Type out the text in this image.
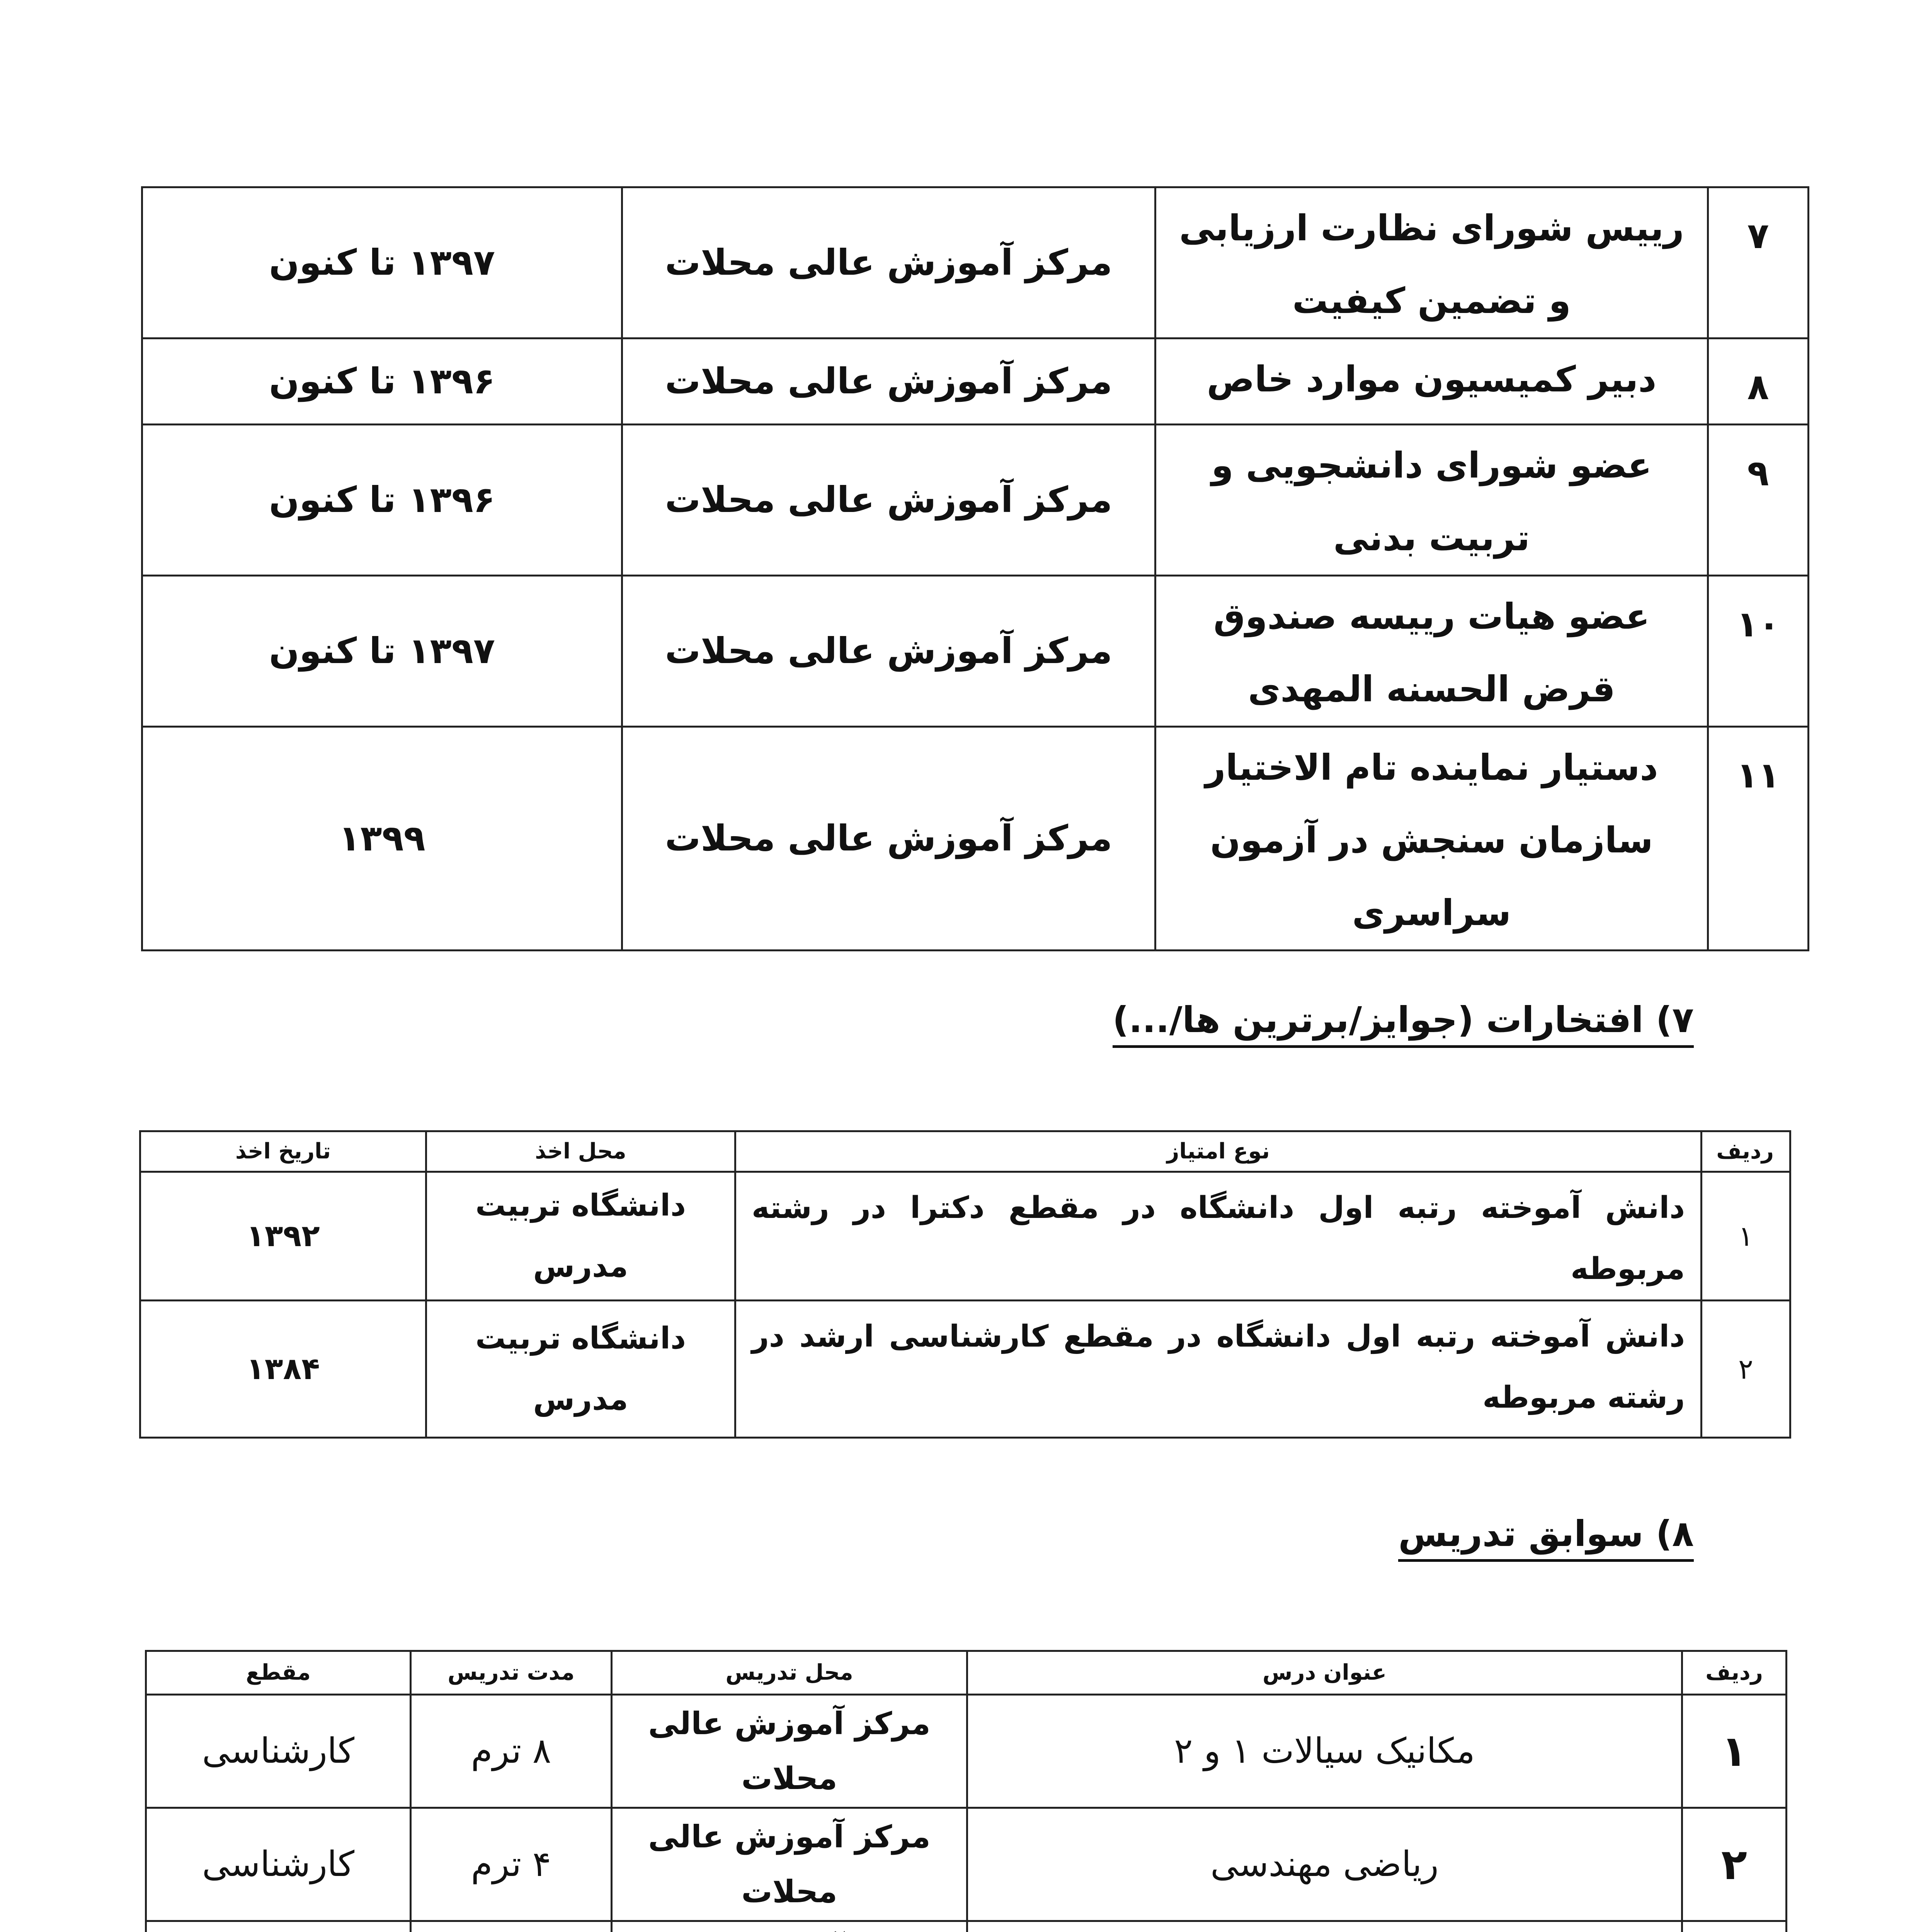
۷	رییس شورای نظارت ارزیابی و تضمین کیفیت	مرکز آموزش عالی محلات	۱۳۹۷ تا کنون
۸	دبیر کمیسیون موارد خاص	مرکز آموزش عالی محلات	۱۳۹۶ تا کنون
۹	عضو شورای دانشجویی و تربیت بدنی	مرکز آموزش عالی محلات	۱۳۹۶ تا کنون
۱۰	عضو هیات رییسه صندوق قرض الحسنه المهدی	مرکز آموزش عالی محلات	۱۳۹۷ تا کنون
۱۱	دستیار نماینده تام الاختیار سازمان سنجش در آزمون سراسری	مرکز آموزش عالی محلات	۱۳۹۹
۷) افتخارات (جوایز/برترین ها/...)
ردیف	نوع امتیاز	محل اخذ	تاریخ اخذ
۱	دانش آموخته رتبه اول دانشگاه در مقطع دکترا در رشته مربوطه	دانشگاه تربیت مدرس	۱۳۹۲
۲	دانش آموخته رتبه اول دانشگاه در مقطع کارشناسی ارشد در رشته مربوطه	دانشگاه تربیت مدرس	۱۳۸۴
۸) سوابق تدریس
ردیف	عنوان درس	محل تدریس	مدت تدریس	مقطع
۱	مکانیک سیالات ۱ و ۲	مرکز آموزش عالی محلات	۸ ترم	کارشناسی
۲	ریاضی مهندسی	مرکز آموزش عالی محلات	۴ ترم	کارشناسی
